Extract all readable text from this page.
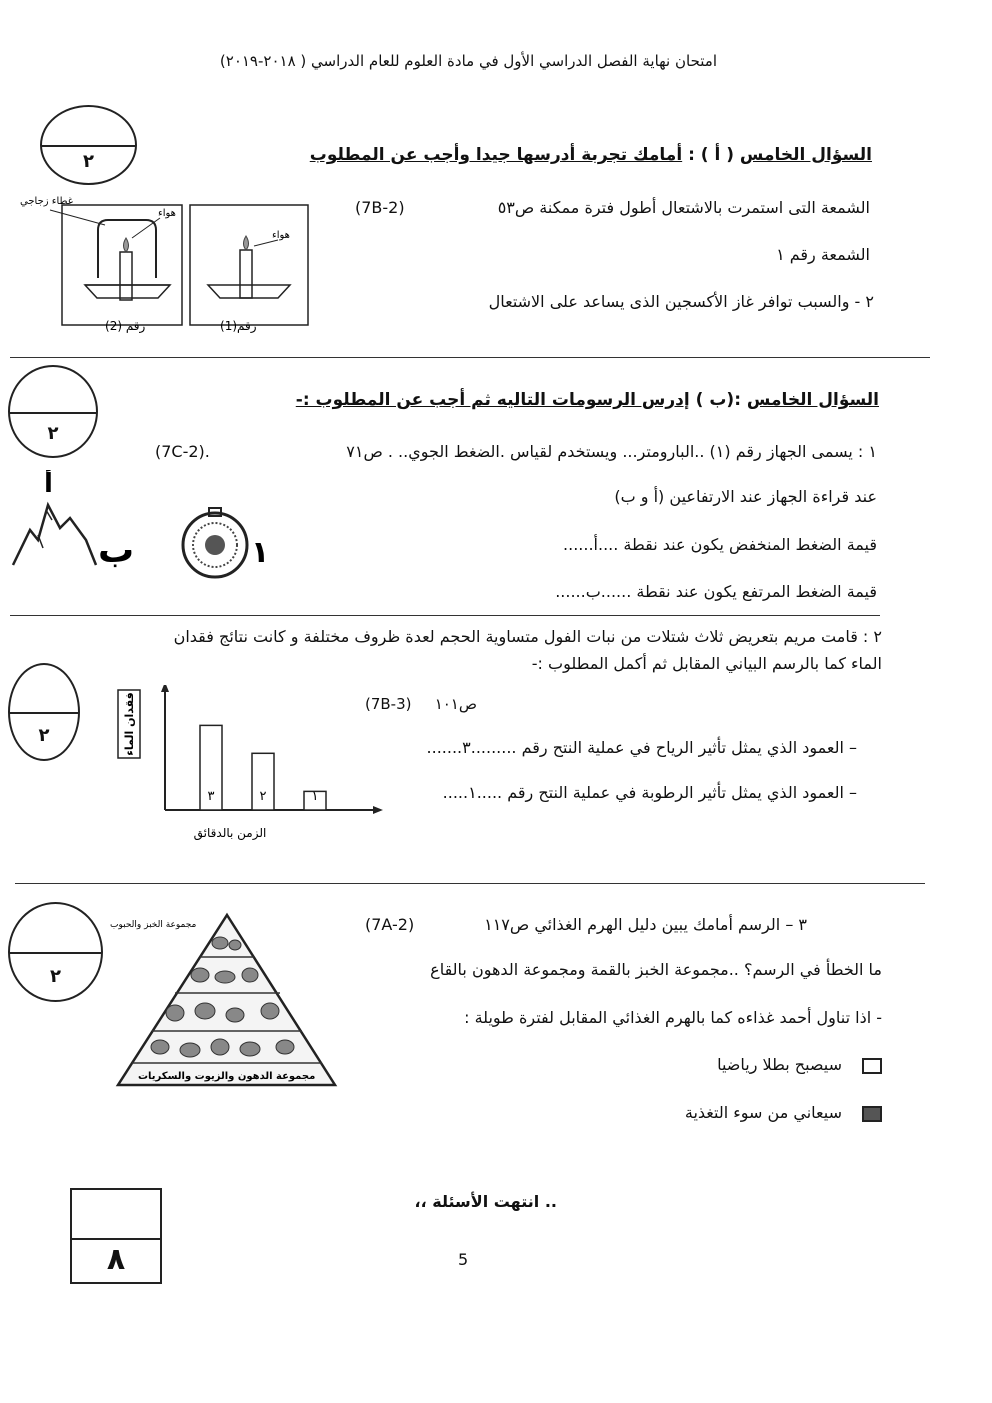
امتحان نهاية الفصل الدراسي الأول في مادة العلوم للعام الدراسي ( ٢٠١٨-٢٠١٩)
٢	السؤال الخامس ( أ ) : أمامك تجربة أدرسها جيدا وأجب عن المطلوب
الشمعة التى استمرت بالاشتعال أطول فترة ممكنة ص٥٣
(7B-2)
الشمعة رقم ١
٢ - والسبب توافر غاز الأكسجين الذى يساعد على الاشتعال
غطاء زجاجي
هواء
هواء
رقم (2)	رقم(1)
٢
السؤال الخامس :(ب ) إدرس الرسومات التاليه ثم أجب عن المطلوب :-
١ : يسمى الجهاز رقم (١) ..البارومتر... ويستخدم لقياس .الضغط الجوي.. . ص٧١
(7C-2).
عند قراءة الجهاز عند الارتفاعين (أ و ب)
قيمة الضغط المنخفض يكون عند نقطة ....أ......
قيمة الضغط المرتفع يكون عند نقطة ......ب......
أ
ب	١
٢ : قامت مريم بتعريض ثلاث شتلات من نبات الفول متساوية الحجم لعدة ظروف مختلفة و كانت نتائج فقدان
الماء كما بالرسم البياني المقابل ثم أكمل المطلوب :-
٢
ص١٠١
(7B-3)
– العمود الذي يمثل تأثير الرياح في عملية النتح رقم .........٣.......
– العمود الذي يمثل تأثير الرطوبة في عملية النتح رقم .....١.....
فقدان الماء
الزمن بالدقائق
٣	٢	١
٢
٣ – الرسم أمامك يبين دليل الهرم الغذائي ص١١٧
(7A-2)
ما الخطأ في الرسم؟ ..مجموعة الخبز بالقمة ومجموعة الدهون بالقاع
- اذا تناول أحمد غذاءه كما بالهرم الغذائي المقابل لفترة طويلة :
سيصبح بطلا رياضيا
سيعاني من سوء التغذية
مجموعة الخبز والحبوب
مجموعة الدهون والزيوت والسكريات
٨
.. انتهت الأسئلة ،،
5
